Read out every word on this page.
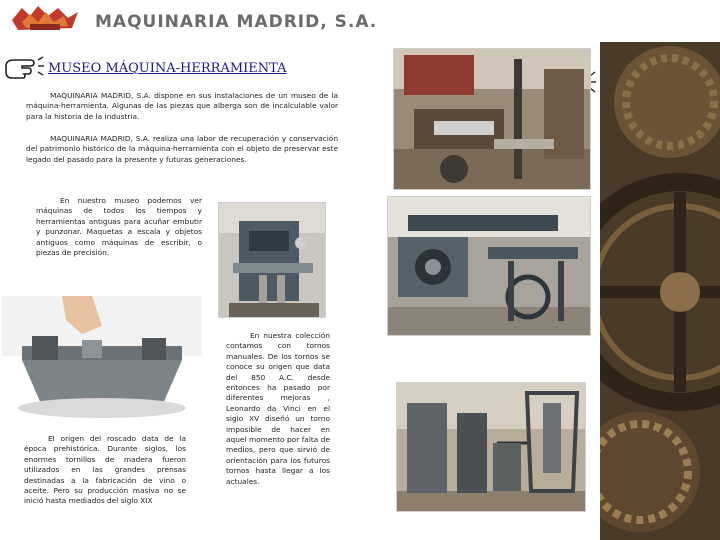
MAQUINARIA MADRID, S.A.
MUSEO MÁQUINA-HERRAMIENTA

MAQUINARIA MADRID, S.A. dispone en sus instalaciones de un museo de la máquina-herramienta. Algunas de las piezas que alberga son de incalculable valor para la historia de la industria.

MAQUINARIA MADRID, S.A. realiza una labor de recuperación y conservación del patrimonio histórico de la máquina-herramienta con el objeto de preservar este legado del pasado para la presente y futuras generaciones.

En nuestro museo podemos ver máquinas de todos los tiempos y herramientas antiguas para acuñar embutir y punzonar. Maquetas a escala y objetos antiguos como máquinas de escribir, o piezas de precisión.

En nuestra colección contamos con tornos manuales. De los tornos se conoce su origen que data del 850 A.C. desde entonces ha pasado por diferentes mejoras , Leonardo da Vinci en el siglo XV diseñó un torno imposible de hacer en aquel momento por falta de medios, pero que sirvió de orientación para los futuros tornos hasta llegar a los actuales.

El origen del roscado data de la época prehistórica. Durante siglos, los enormes tornillos de madera fueron utilizados en las grandes prensas destinadas a la fabricación de vino o aceite. Pero su producción masiva no se inició hasta mediados del siglo XIX
